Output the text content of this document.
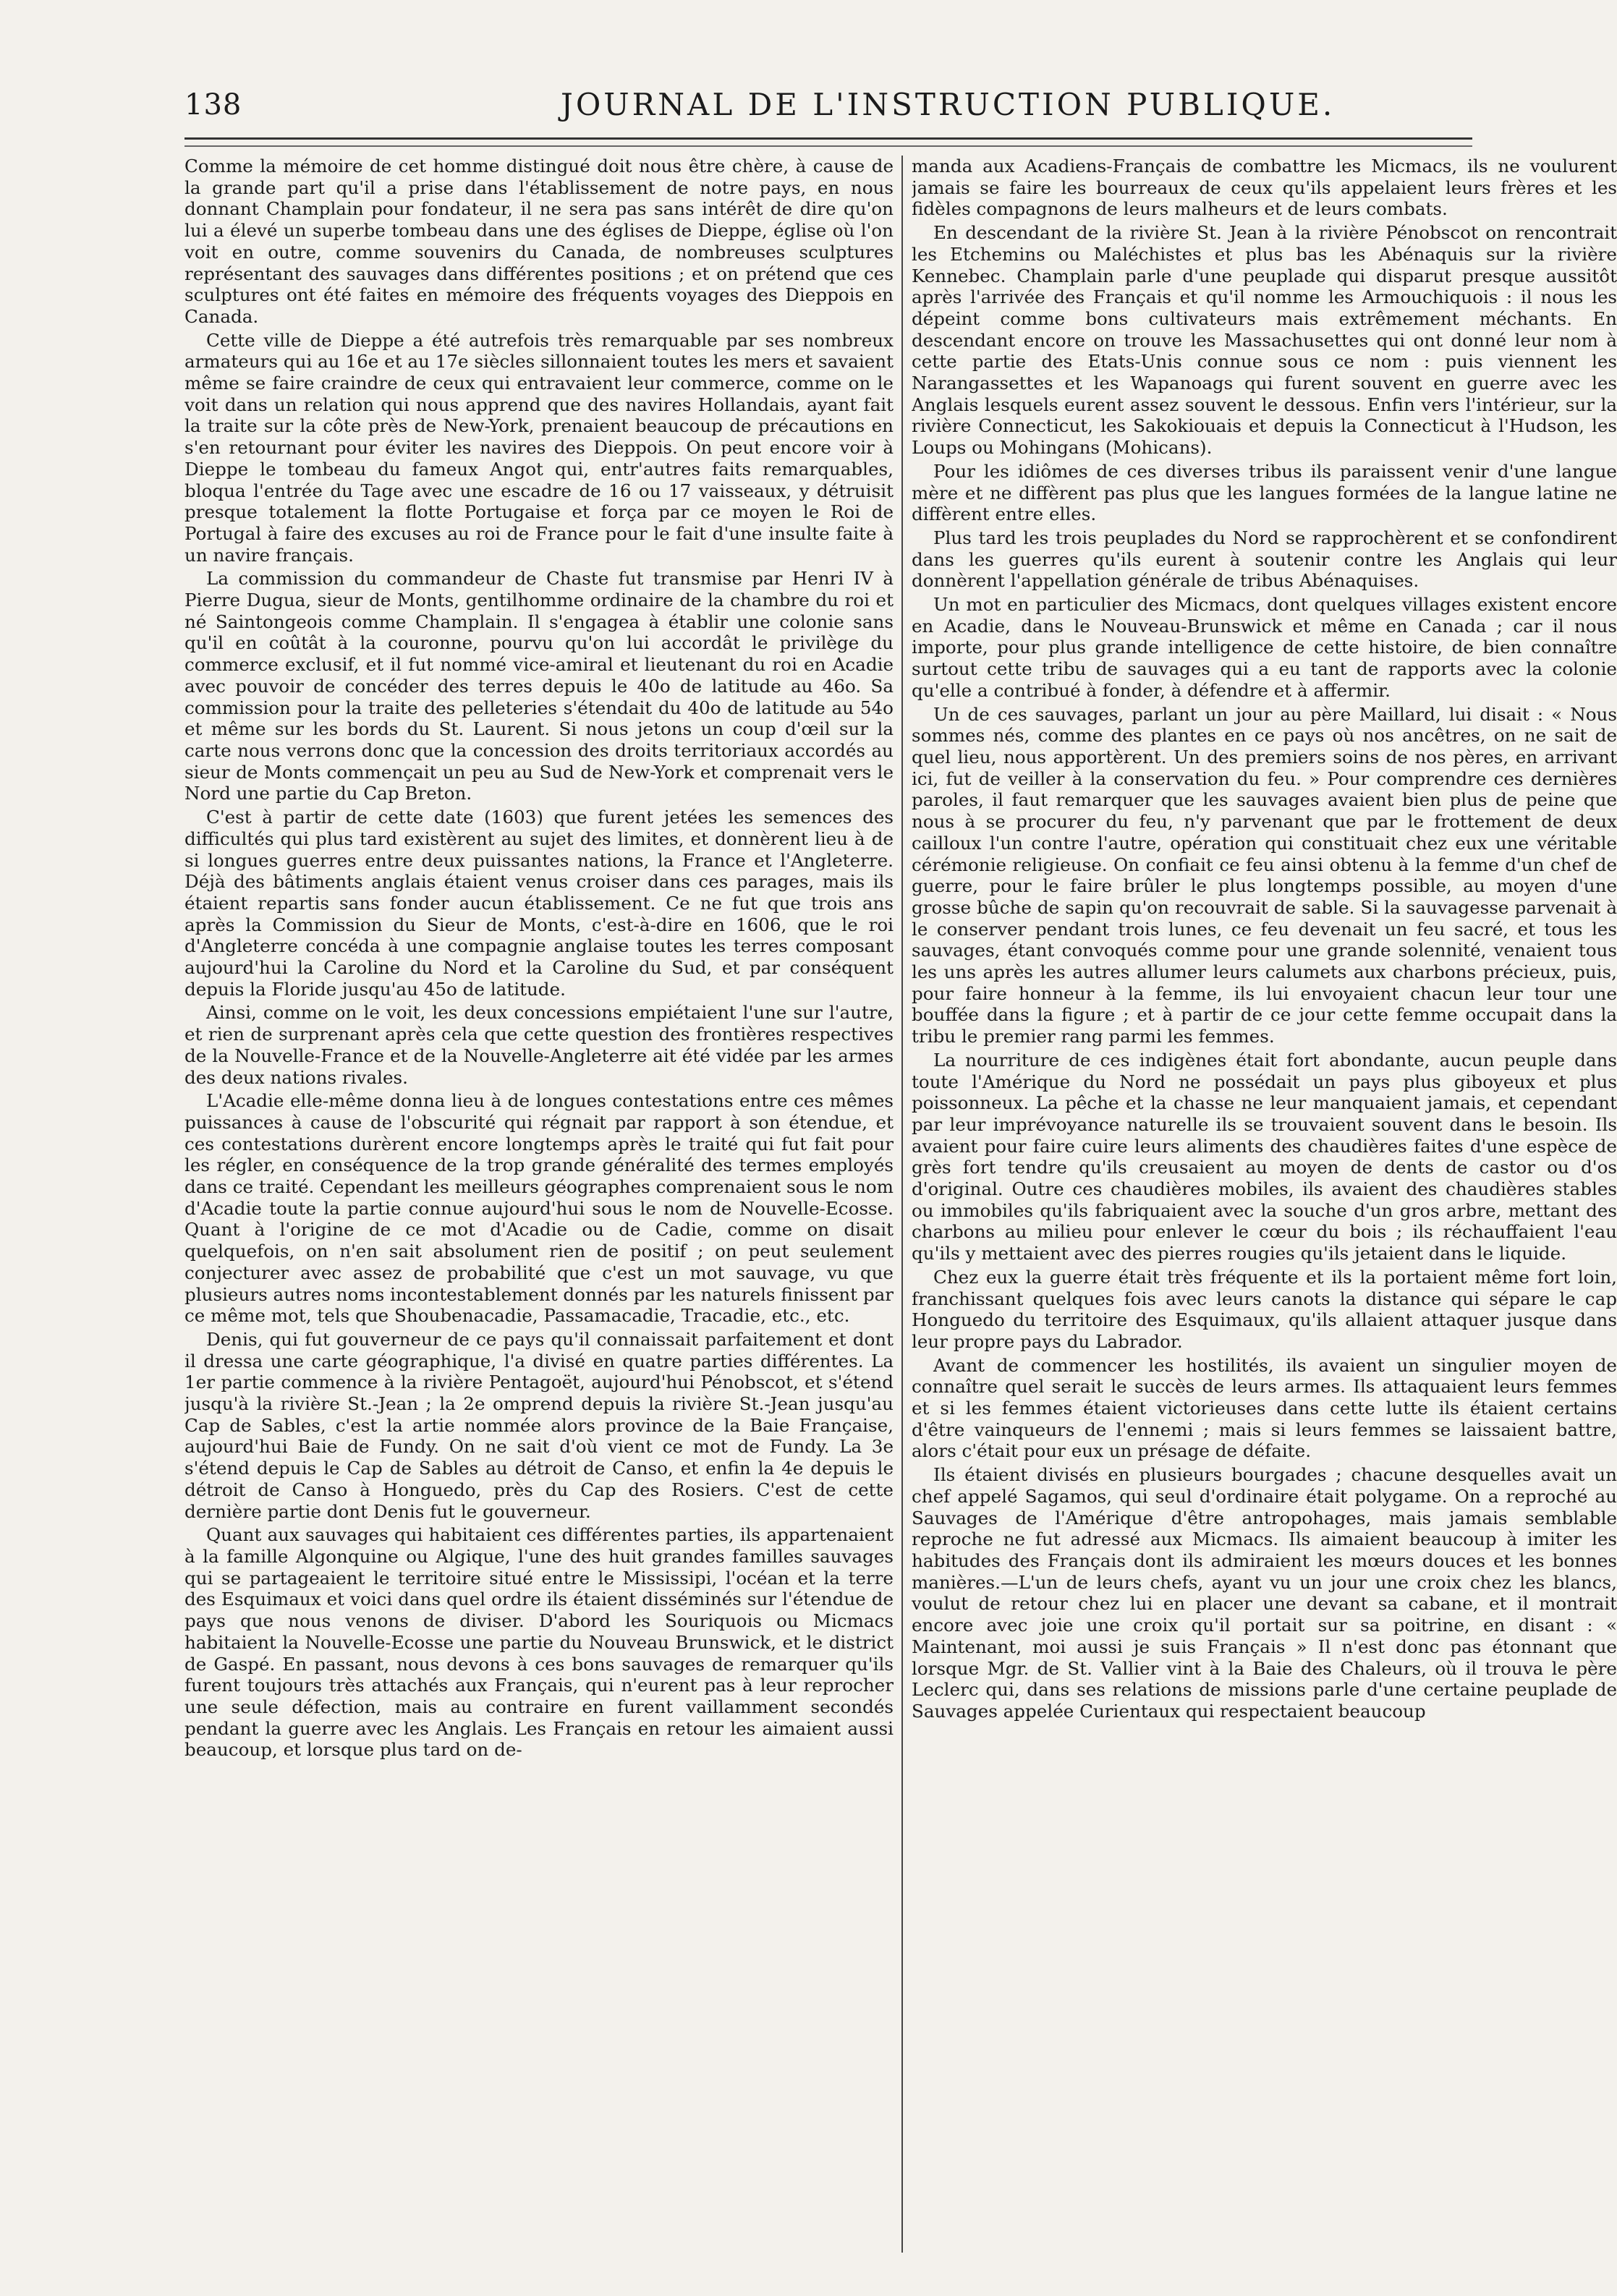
138	JOURNAL DE L'INSTRUCTION PUBLIQUE.

Comme la mémoire de cet homme distingué doit nous être chère, à cause de la grande part qu'il a prise dans l'établissement de notre pays, en nous donnant Champlain pour fondateur, il ne sera pas sans intérêt de dire qu'on lui a élevé un superbe tombeau dans une des églises de Dieppe, église où l'on voit en outre, comme souvenirs du Canada, de nombreuses sculptures représentant des sauvages dans différentes positions ; et on prétend que ces sculptures ont été faites en mémoire des fréquents voyages des Dieppois en Canada.

Cette ville de Dieppe a été autrefois très remarquable par ses nombreux armateurs qui au 16e et au 17e siècles sillonnaient toutes les mers et savaient même se faire craindre de ceux qui entravaient leur commerce, comme on le voit dans un relation qui nous apprend que des navires Hollandais, ayant fait la traite sur la côte près de New-York, prenaient beaucoup de précautions en s'en retournant pour éviter les navires des Dieppois. On peut encore voir à Dieppe le tombeau du fameux Angot qui, entr'autres faits remarquables, bloqua l'entrée du Tage avec une escadre de 16 ou 17 vaisseaux, y détruisit presque totalement la flotte Portugaise et força par ce moyen le Roi de Portugal à faire des excuses au roi de France pour le fait d'une insulte faite à un navire français.

La commission du commandeur de Chaste fut transmise par Henri IV à Pierre Dugua, sieur de Monts, gentilhomme ordinaire de la chambre du roi et né Saintongeois comme Champlain. Il s'engagea à établir une colonie sans qu'il en coûtât à la couronne, pourvu qu'on lui accordât le privilège du commerce exclusif, et il fut nommé vice-amiral et lieutenant du roi en Acadie avec pouvoir de concéder des terres depuis le 40o de latitude au 46o. Sa commission pour la traite des pelleteries s'étendait du 40o de latitude au 54o et même sur les bords du St. Laurent. Si nous jetons un coup d'œil sur la carte nous verrons donc que la concession des droits territoriaux accordés au sieur de Monts commençait un peu au Sud de New-York et comprenait vers le Nord une partie du Cap Breton.

C'est à partir de cette date (1603) que furent jetées les semences des difficultés qui plus tard existèrent au sujet des limites, et donnèrent lieu à de si longues guerres entre deux puissantes nations, la France et l'Angleterre. Déjà des bâtiments anglais étaient venus croiser dans ces parages, mais ils étaient repartis sans fonder aucun établissement. Ce ne fut que trois ans après la Commission du Sieur de Monts, c'est-à-dire en 1606, que le roi d'Angleterre concéda à une compagnie anglaise toutes les terres composant aujourd'hui la Caroline du Nord et la Caroline du Sud, et par conséquent depuis la Floride jusqu'au 45o de latitude.

Ainsi, comme on le voit, les deux concessions empiétaient l'une sur l'autre, et rien de surprenant après cela que cette question des frontières respectives de la Nouvelle-France et de la Nouvelle-Angleterre ait été vidée par les armes des deux nations rivales.

L'Acadie elle-même donna lieu à de longues contestations entre ces mêmes puissances à cause de l'obscurité qui régnait par rapport à son étendue, et ces contestations durèrent encore longtemps après le traité qui fut fait pour les régler, en conséquence de la trop grande généralité des termes employés dans ce traité. Cependant les meilleurs géographes comprenaient sous le nom d'Acadie toute la partie connue aujourd'hui sous le nom de Nouvelle-Ecosse. Quant à l'origine de ce mot d'Acadie ou de Cadie, comme on disait quelquefois, on n'en sait absolument rien de positif ; on peut seulement conjecturer avec assez de probabilité que c'est un mot sauvage, vu que plusieurs autres noms incontestablement donnés par les naturels finissent par ce même mot, tels que Shoubenacadie, Passamacadie, Tracadie, etc., etc.

Denis, qui fut gouverneur de ce pays qu'il connaissait parfaitement et dont il dressa une carte géographique, l'a divisé en quatre parties différentes. La 1er partie commence à la rivière Pentagoët, aujourd'hui Pénobscot, et s'étend jusqu'à la rivière St.-Jean ; la 2e omprend depuis la rivière St.-Jean jusqu'au Cap de Sables, c'est la artie nommée alors province de la Baie Française, aujourd'hui Baie de Fundy. On ne sait d'où vient ce mot de Fundy. La 3e s'étend depuis le Cap de Sables au détroit de Canso, et enfin la 4e depuis le détroit de Canso à Honguedo, près du Cap des Rosiers. C'est de cette dernière partie dont Denis fut le gouverneur.

Quant aux sauvages qui habitaient ces différentes parties, ils appartenaient à la famille Algonquine ou Algique, l'une des huit grandes familles sauvages qui se partageaient le territoire situé entre le Mississipi, l'océan et la terre des Esquimaux et voici dans quel ordre ils étaient disséminés sur l'étendue de pays que nous venons de diviser. D'abord les Souriquois ou Micmacs habitaient la Nouvelle-Ecosse une partie du Nouveau Brunswick, et le district de Gaspé. En passant, nous devons à ces bons sauvages de remarquer qu'ils furent toujours très attachés aux Français, qui n'eurent pas à leur reprocher une seule défection, mais au contraire en furent vaillamment secondés pendant la guerre avec les Anglais. Les Français en retour les aimaient aussi beaucoup, et lorsque plus tard on de-

manda aux Acadiens-Français de combattre les Micmacs, ils ne voulurent jamais se faire les bourreaux de ceux qu'ils appelaient leurs frères et les fidèles compagnons de leurs malheurs et de leurs combats.

En descendant de la rivière St. Jean à la rivière Pénobscot on rencontrait les Etchemins ou Maléchistes et plus bas les Abénaquis sur la rivière Kennebec. Champlain parle d'une peuplade qui disparut presque aussitôt après l'arrivée des Français et qu'il nomme les Armouchiquois : il nous les dépeint comme bons cultivateurs mais extrêmement méchants. En descendant encore on trouve les Massachusettes qui ont donné leur nom à cette partie des Etats-Unis connue sous ce nom : puis viennent les Narangassettes et les Wapanoags qui furent souvent en guerre avec les Anglais lesquels eurent assez souvent le dessous. Enfin vers l'intérieur, sur la rivière Connecticut, les Sakokiouais et depuis la Connecticut à l'Hudson, les Loups ou Mohingans (Mohicans).

Pour les idiômes de ces diverses tribus ils paraissent venir d'une langue mère et ne diffèrent pas plus que les langues formées de la langue latine ne diffèrent entre elles.

Plus tard les trois peuplades du Nord se rapprochèrent et se confondirent dans les guerres qu'ils eurent à soutenir contre les Anglais qui leur donnèrent l'appellation générale de tribus Abénaquises.

Un mot en particulier des Micmacs, dont quelques villages existent encore en Acadie, dans le Nouveau-Brunswick et même en Canada ; car il nous importe, pour plus grande intelligence de cette histoire, de bien connaître surtout cette tribu de sauvages qui a eu tant de rapports avec la colonie qu'elle a contribué à fonder, à défendre et à affermir.

Un de ces sauvages, parlant un jour au père Maillard, lui disait : « Nous sommes nés, comme des plantes en ce pays où nos ancêtres, on ne sait de quel lieu, nous apportèrent. Un des premiers soins de nos pères, en arrivant ici, fut de veiller à la conservation du feu. » Pour comprendre ces dernières paroles, il faut remarquer que les sauvages avaient bien plus de peine que nous à se procurer du feu, n'y parvenant que par le frottement de deux cailloux l'un contre l'autre, opération qui constituait chez eux une véritable cérémonie religieuse. On confiait ce feu ainsi obtenu à la femme d'un chef de guerre, pour le faire brûler le plus longtemps possible, au moyen d'une grosse bûche de sapin qu'on recouvrait de sable. Si la sauvagesse parvenait à le conserver pendant trois lunes, ce feu devenait un feu sacré, et tous les sauvages, étant convoqués comme pour une grande solennité, venaient tous les uns après les autres allumer leurs calumets aux charbons précieux, puis, pour faire honneur à la femme, ils lui envoyaient chacun leur tour une bouffée dans la figure ; et à partir de ce jour cette femme occupait dans la tribu le premier rang parmi les femmes.

La nourriture de ces indigènes était fort abondante, aucun peuple dans toute l'Amérique du Nord ne possédait un pays plus giboyeux et plus poissonneux. La pêche et la chasse ne leur manquaient jamais, et cependant par leur imprévoyance naturelle ils se trouvaient souvent dans le besoin. Ils avaient pour faire cuire leurs aliments des chaudières faites d'une espèce de grès fort tendre qu'ils creusaient au moyen de dents de castor ou d'os d'original. Outre ces chaudières mobiles, ils avaient des chaudières stables ou immobiles qu'ils fabriquaient avec la souche d'un gros arbre, mettant des charbons au milieu pour enlever le cœur du bois ; ils réchauffaient l'eau qu'ils y mettaient avec des pierres rougies qu'ils jetaient dans le liquide.

Chez eux la guerre était très fréquente et ils la portaient même fort loin, franchissant quelques fois avec leurs canots la distance qui sépare le cap Honguedo du territoire des Esquimaux, qu'ils allaient attaquer jusque dans leur propre pays du Labrador.

Avant de commencer les hostilités, ils avaient un singulier moyen de connaître quel serait le succès de leurs armes. Ils attaquaient leurs femmes et si les femmes étaient victorieuses dans cette lutte ils étaient certains d'être vainqueurs de l'ennemi ; mais si leurs femmes se laissaient battre, alors c'était pour eux un présage de défaite.

Ils étaient divisés en plusieurs bourgades ; chacune desquelles avait un chef appelé Sagamos, qui seul d'ordinaire était polygame. On a reproché au Sauvages de l'Amérique d'être antropohages, mais jamais semblable reproche ne fut adressé aux Micmacs. Ils aimaient beaucoup à imiter les habitudes des Français dont ils admiraient les mœurs douces et les bonnes manières.—L'un de leurs chefs, ayant vu un jour une croix chez les blancs, voulut de retour chez lui en placer une devant sa cabane, et il montrait encore avec joie une croix qu'il portait sur sa poitrine, en disant : « Maintenant, moi aussi je suis Français » Il n'est donc pas étonnant que lorsque Mgr. de St. Vallier vint à la Baie des Chaleurs, où il trouva le père Leclerc qui, dans ses relations de missions parle d'une certaine peuplade de Sauvages appelée Curientaux qui respectaient beaucoup
